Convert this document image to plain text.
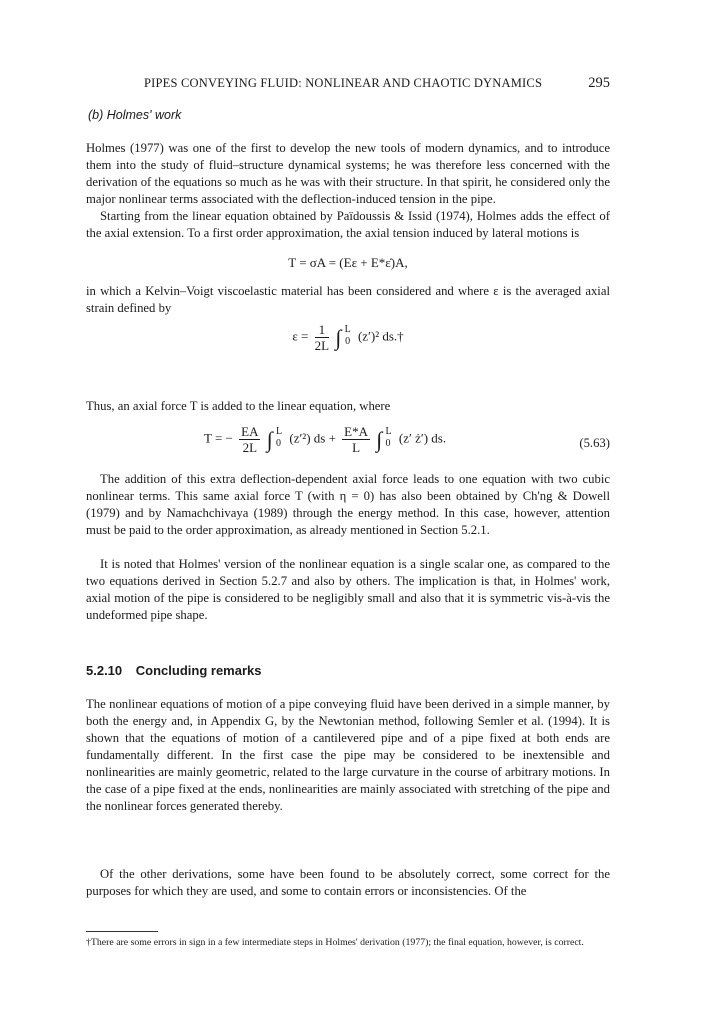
PIPES CONVEYING FLUID: NONLINEAR AND CHAOTIC DYNAMICS	295
(b) Holmes' work

Holmes (1977) was one of the first to develop the new tools of modern dynamics, and to introduce them into the study of fluid–structure dynamical systems; he was therefore less concerned with the derivation of the equations so much as he was with their structure. In that spirit, he considered only the major nonlinear terms associated with the deflection-induced tension in the pipe.

Starting from the linear equation obtained by Païdoussis & Issid (1974), Holmes adds the effect of the axial extension. To a first order approximation, the axial tension induced by lateral motions is

T = σA = (Eε + E*ε̇)A,

in which a Kelvin–Voigt viscoelastic material has been considered and where ε is the averaged axial strain defined by

$\varepsilon = \frac{1}{2L}$ ∫ L
0 (z′)² ds.†

Thus, an axial force T is added to the linear equation, where

T = − $\frac{EA}{2L}$ ∫ L
0 (z′²) ds + $\frac{E*A}{L}$ ∫ L
0 (z′ ż′) ds.	(5.63)

The addition of this extra deflection-dependent axial force leads to one equation with two cubic nonlinear terms. This same axial force T (with η = 0) has also been obtained by Ch'ng & Dowell (1979) and by Namachchivaya (1989) through the energy method. In this case, however, attention must be paid to the order approximation, as already mentioned in Section 5.2.1.

It is noted that Holmes' version of the nonlinear equation is a single scalar one, as compared to the two equations derived in Section 5.2.7 and also by others. The implication is that, in Holmes' work, axial motion of the pipe is considered to be negligibly small and also that it is symmetric vis-à-vis the undeformed pipe shape.

5.2.10 Concluding remarks

The nonlinear equations of motion of a pipe conveying fluid have been derived in a simple manner, by both the energy and, in Appendix G, by the Newtonian method, following Semler et al. (1994). It is shown that the equations of motion of a cantilevered pipe and of a pipe fixed at both ends are fundamentally different. In the first case the pipe may be considered to be inextensible and nonlinearities are mainly geometric, related to the large curvature in the course of arbitrary motions. In the case of a pipe fixed at the ends, nonlinearities are mainly associated with stretching of the pipe and the nonlinear forces generated thereby.

Of the other derivations, some have been found to be absolutely correct, some correct for the purposes for which they are used, and some to contain errors or inconsistencies. Of the

†There are some errors in sign in a few intermediate steps in Holmes' derivation (1977); the final equation, however, is correct.
